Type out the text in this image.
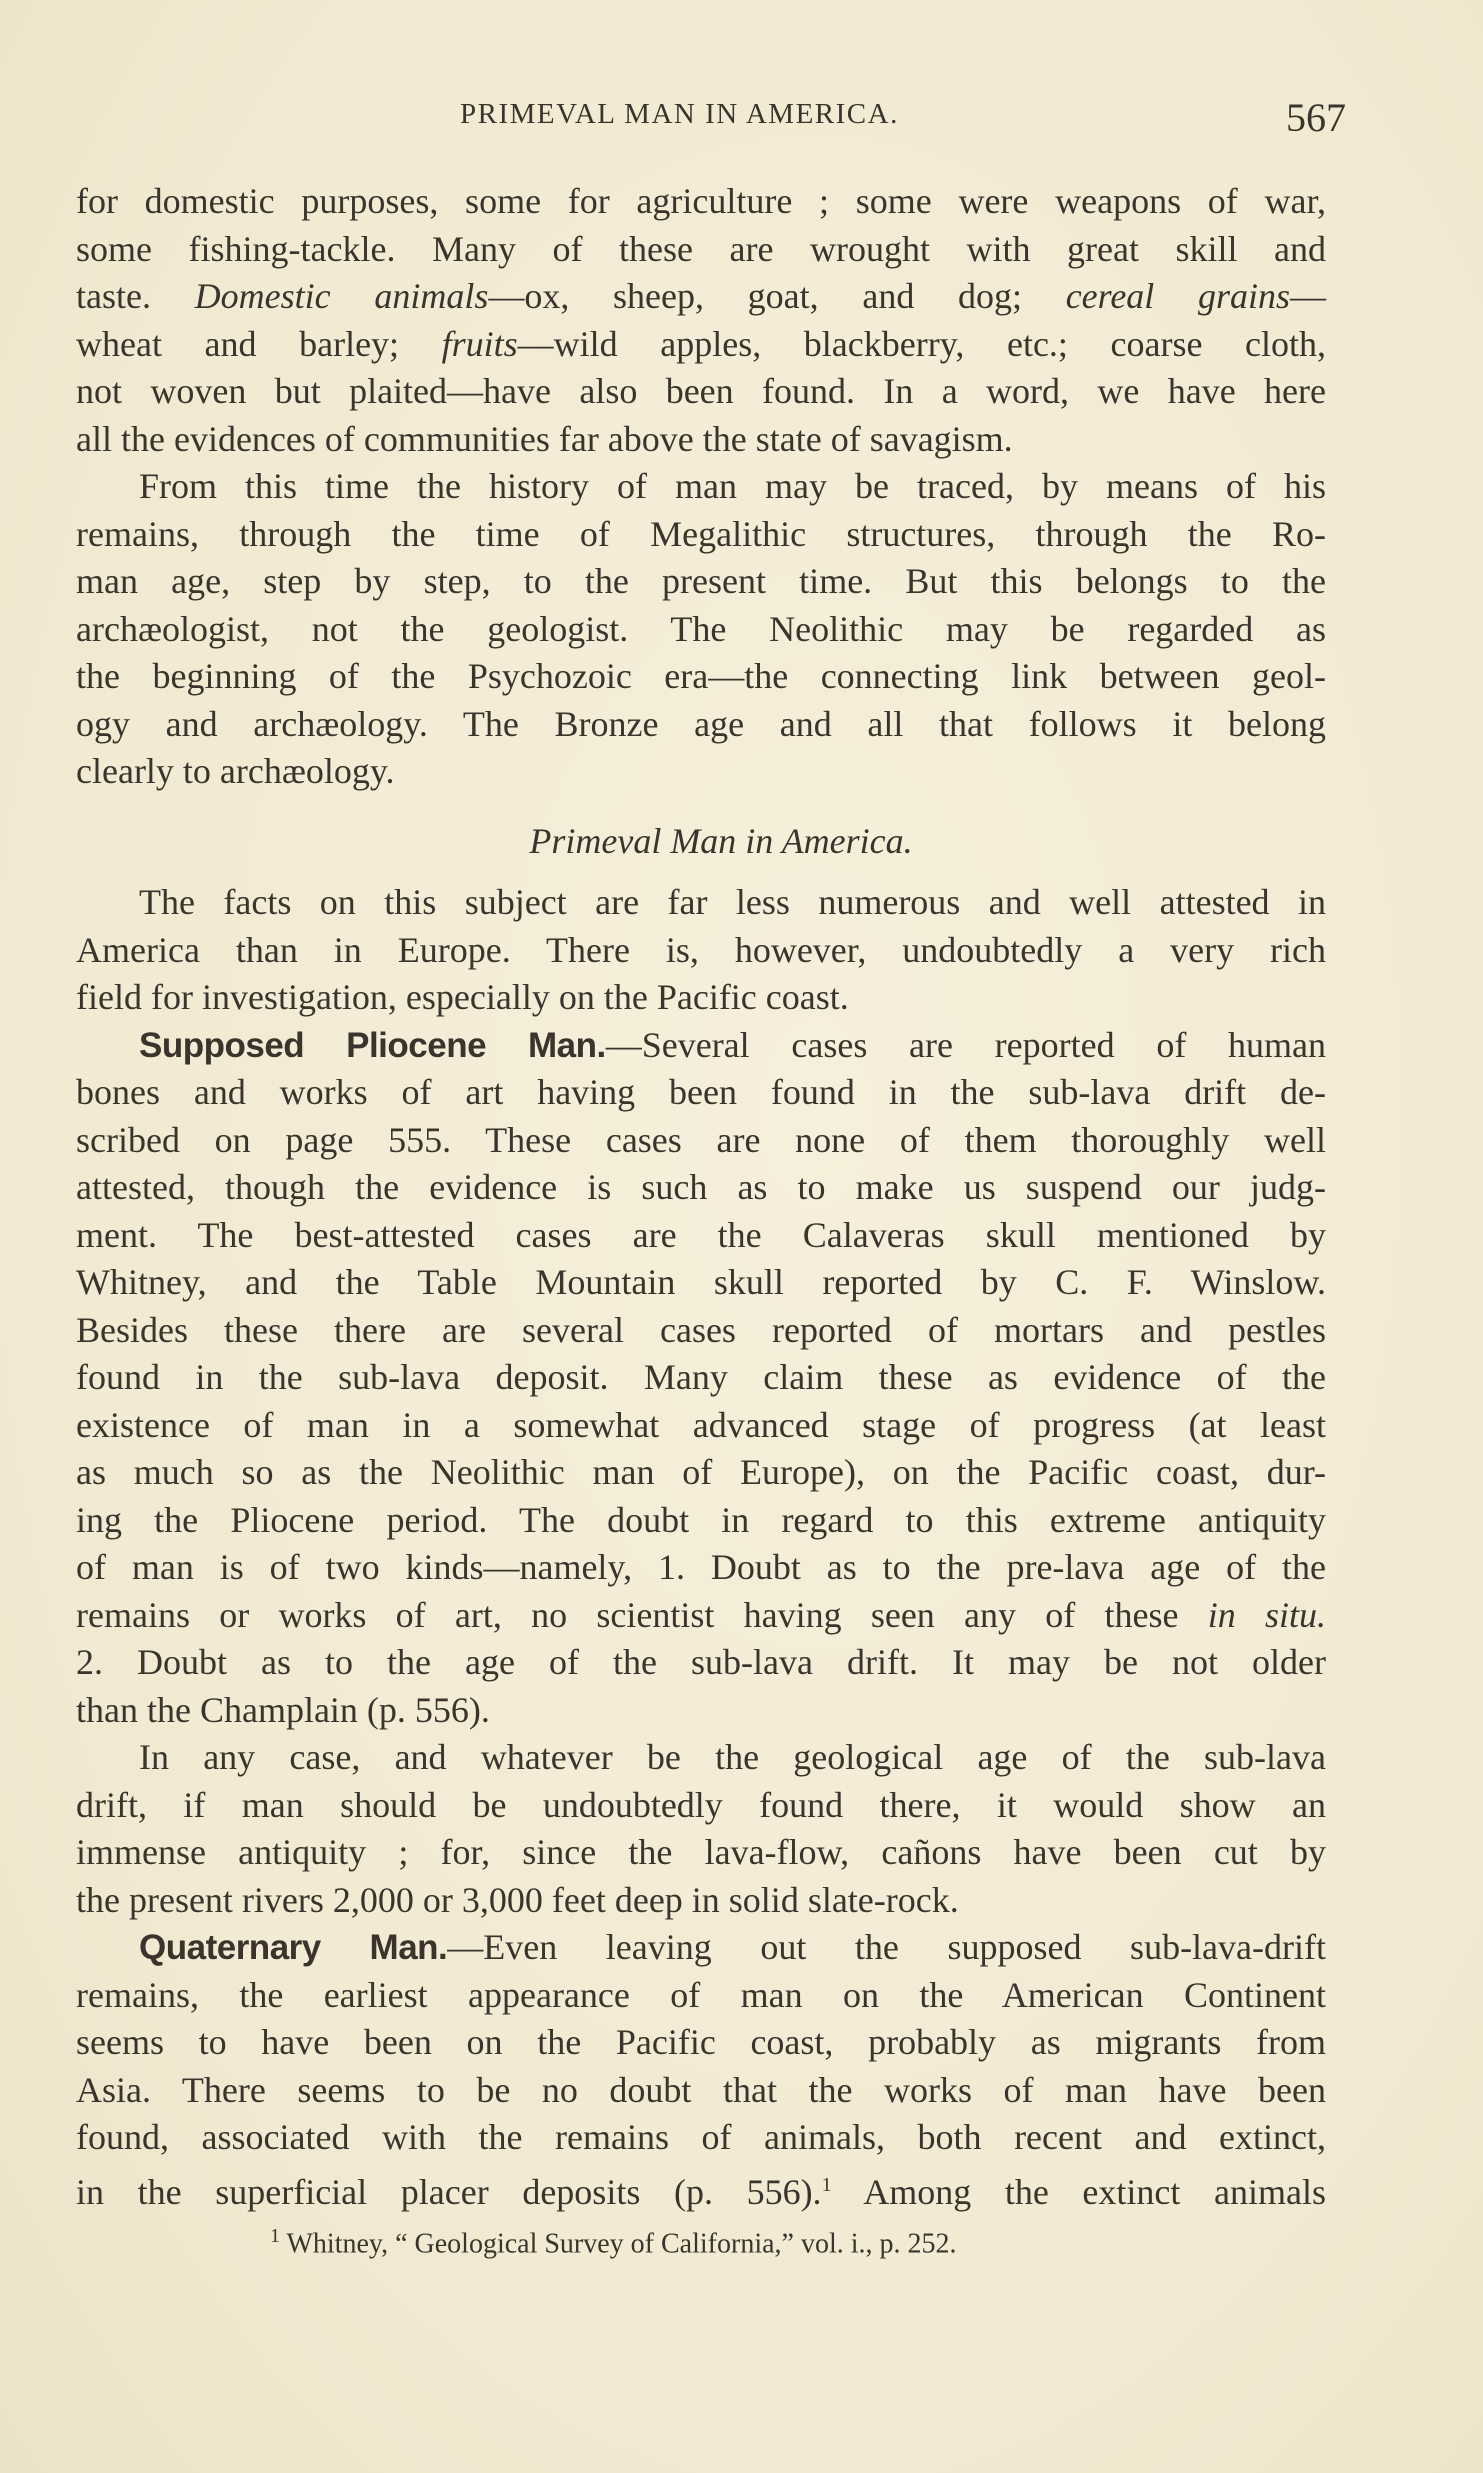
PRIMEVAL MAN IN AMERICA.	567
for domestic purposes, some for agriculture ; some were weapons of war,
some fishing-tackle. Many of these are wrought with great skill and
taste. Domestic animals—ox, sheep, goat, and dog; cereal grains—
wheat and barley; fruits—wild apples, blackberry, etc.; coarse cloth,
not woven but plaited—have also been found. In a word, we have here
all the evidences of communities far above the state of savagism.
From this time the history of man may be traced, by means of his
remains, through the time of Megalithic structures, through the Ro-
man age, step by step, to the present time. But this belongs to the
archæologist, not the geologist. The Neolithic may be regarded as
the beginning of the Psychozoic era—the connecting link between geol-
ogy and archæology. The Bronze age and all that follows it belong
clearly to archæology.
Primeval Man in America.
The facts on this subject are far less numerous and well attested in
America than in Europe. There is, however, undoubtedly a very rich
field for investigation, especially on the Pacific coast.
Supposed Pliocene Man.—Several cases are reported of human
bones and works of art having been found in the sub-lava drift de-
scribed on page 555. These cases are none of them thoroughly well
attested, though the evidence is such as to make us suspend our judg-
ment. The best-attested cases are the Calaveras skull mentioned by
Whitney, and the Table Mountain skull reported by C. F. Winslow.
Besides these there are several cases reported of mortars and pestles
found in the sub-lava deposit. Many claim these as evidence of the
existence of man in a somewhat advanced stage of progress (at least
as much so as the Neolithic man of Europe), on the Pacific coast, dur-
ing the Pliocene period. The doubt in regard to this extreme antiquity
of man is of two kinds—namely, 1. Doubt as to the pre-lava age of the
remains or works of art, no scientist having seen any of these in situ.
2. Doubt as to the age of the sub-lava drift. It may be not older
than the Champlain (p. 556).
In any case, and whatever be the geological age of the sub-lava
drift, if man should be undoubtedly found there, it would show an
immense antiquity ; for, since the lava-flow, cañons have been cut by
the present rivers 2,000 or 3,000 feet deep in solid slate-rock.
Quaternary Man.—Even leaving out the supposed sub-lava-drift
remains, the earliest appearance of man on the American Continent
seems to have been on the Pacific coast, probably as migrants from
Asia. There seems to be no doubt that the works of man have been
found, associated with the remains of animals, both recent and extinct,
in the superficial placer deposits (p. 556).$^1$ Among the extinct animals
$^1$ Whitney, “ Geological Survey of California,” vol. i., p. 252.
